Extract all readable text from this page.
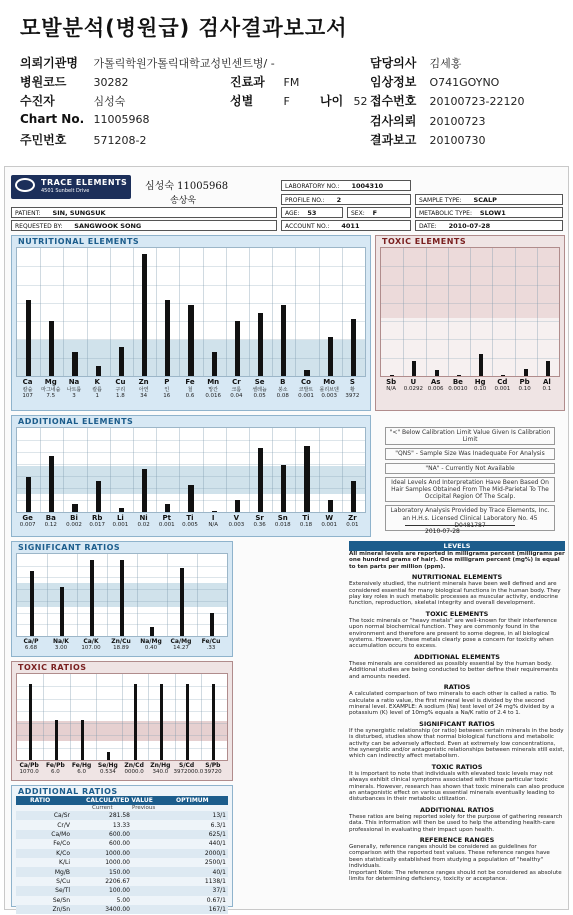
모발분석(병원급) 검사결과보고서
의뢰기관명 가톨릭학원가톨릭대학교성빈센트병/ -	담당의사 김세홍
병원코드 30282	진료과 FM	임상정보 O741GOYNO
수진자	심성숙	성별	F	나이 52 접수번호 20100723-22120
Chart No. 11005968	검사의뢰 20100723
주민번호 571208-2	결과보고 20100730
TRACE ELEMENTS
4501 Sunbelt Drive	심성숙 11005968
송상욱
LABORATORY NO.: 1004310
PROFILE NO.: 2	SAMPLE TYPE: SCALP
PATIENT: SIN, SUNGSUK	AGE: 53	SEX: F	METABOLIC TYPE: SLOW1
REQUESTED BY: SANGWOOK SONG	ACCOUNT NO.: 4011	DATE: 2010-07-28
NUTRITIONAL ELEMENTS
Ca
칼슘
107
Mg
마그네슘
7.5
Na
나트륨
3
K
칼륨
1
Cu
구리
1.8
Zn
아연
34
P
인
16
Fe
철
0.6
Mn
망간
0.016
Cr
크롬
0.04
Se
셀레늄
0.05
B
붕소
0.08
Co
코발트
0.001
Mo
몰리브덴
0.003
S
황
3972
TOXIC ELEMENTS
Sb
N/A
U
0.0292
As
0.006
Be
0.0010
Hg
0.10
Cd
0.001
Pb
0.10
Al
0.1
ADDITIONAL ELEMENTS
Ge
0.007
Ba
0.12
Bi
0.002
Rb
0.017
Li
0.001
Ni
0.02
Pt
0.001
Ti
0.005
I
N/A
V
0.003
Sr
0.36
Sn
0.018
Ti
0.18
W
0.001
Zr
0.01
"<" Below Calibration Limit Value Given Is Calibration Limit
"QNS" - Sample Size Was Inadequate For Analysis
"NA" - Currently Not Available
Ideal Levels And Interpretation Have Been Based On Hair Samples Obtained From The Mid-Parietal To The Occipital Region Of The Scalp.
Laboratory Analysis Provided by Trace Elements, Inc. an H.H.s. Licensed Clinical Laboratory No. 45 D0481787
2010-07-28
SIGNIFICANT RATIOS
Ca/P
6.68
Na/K
3.00
Ca/K
107.00
Zn/Cu
18.89
Na/Mg
0.40
Ca/Mg
14.27
Fe/Cu
.33
TOXIC RATIOS
Ca/Pb
1070.0
Fe/Pb
6.0
Fe/Hg
6.0
Se/Hg
0.534
Zn/Cd
0000.0
Zn/Hg
340.0
S/Cd
3972000.0
S/Pb
39720
ADDITIONAL RATIOS
RATIO	CALCULATED VALUE	OPTIMUM
Current	Previous
Ca/Sr	281.58		13/1
Cr/V	13.33		6.3/1
Ca/Mo	600.00		625/1
Fe/Co	600.00		440/1
K/Co	1000.00		2000/1
K/Li	1000.00		2500/1
Mg/B	150.00		40/1
S/Cu	2206.67		1138/1
Se/Tl	100.00		37/1
Se/Sn	5.00		0.67/1
Zn/Sn	3400.00		167/1
LEVELS
All mineral levels are reported in milligrams percent (milligrams per one hundred grams of hair). One milligram percent (mg%) is equal to ten parts per million (ppm).
NUTRITIONAL ELEMENTS
Extensively studied, the nutrient minerals have been well defined and are considered essential for many biological functions in the human body. They play key roles in such metabolic processes as muscular activity, endocrine function, reproduction, skeletal integrity and overall development.
TOXIC ELEMENTS
The toxic minerals or "heavy metals" are well-known for their interference upon normal biochemical function. They are commonly found in the environment and therefore are present to some degree, in all biological systems. However, these metals clearly pose a concern for toxicity when accumulation occurs to excess.
ADDITIONAL ELEMENTS
These minerals are considered as possibly essential by the human body. Additional studies are being conducted to better define their requirements and amounts needed.
RATIOS
A calculated comparison of two minerals to each other is called a ratio. To calculate a ratio value, the first mineral level is divided by the second mineral level. EXAMPLE: A sodium (Na) test level of 24 mg% divided by a potassium (K) level of 10mg% equals a Na/K ratio of 2.4 to 1.
SIGNIFICANT RATIOS
If the synergistic relationship (or ratio) between certain minerals in the body is disturbed, studies show that normal biological functions and metabolic activity can be adversely affected. Even at extremely low concentrations, the synergistic and/or antagonistic relationships between minerals still exist, which can indirectly affect metabolism.
TOXIC RATIOS
It is important to note that individuals with elevated toxic levels may not always exhibit clinical symptoms associated with those particular toxic minerals. However, research has shown that toxic minerals can also produce an antagonistic effect on various essential minerals eventually leading to disturbances in their metabolic utilization.
ADDITIONAL RATIOS
These ratios are being reported solely for the purpose of gathering research data. This information will then be used to help the attending health-care professional in evaluating their impact upon health.
REFERENCE RANGES
Generally, reference ranges should be considered as guidelines for comparison with the reported test values. These reference ranges have been statistically established from studying a population of "healthy" individuals.
Important Note: The reference ranges should not be considered as absolute limits for determining deficiency, toxicity or acceptance.
